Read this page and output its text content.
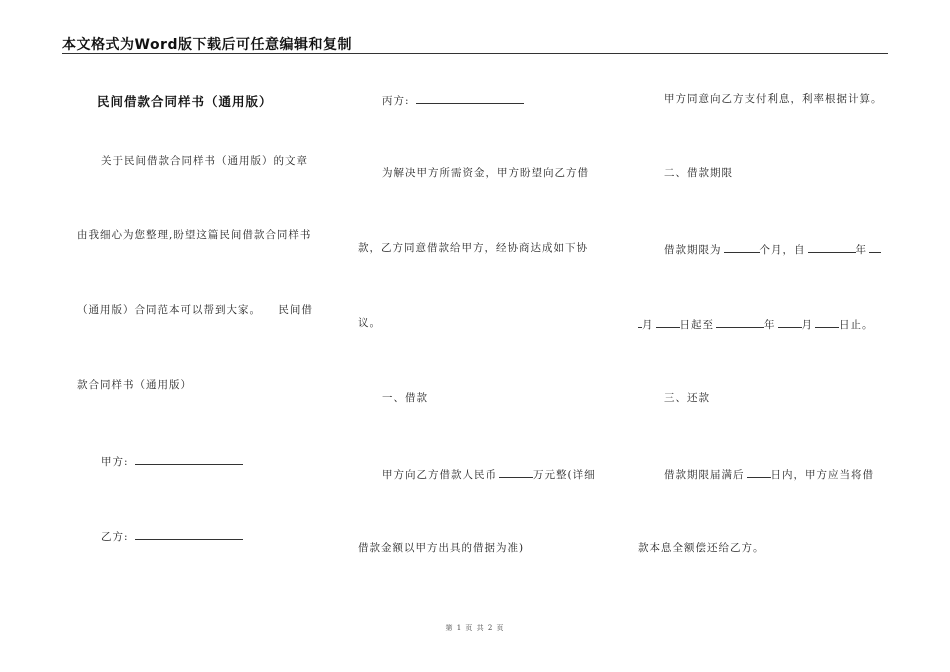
本文格式为Word版下载后可任意编辑和复制
民间借款合同样书（通用版）
关于民间借款合同样书（通用版）的文章
由我细心为您整理,盼望这篇民间借款合同样书
（通用版）合同范本可以帮到大家。    民间借
款合同样书（通用版）
甲方:
乙方:
丙方:
为解决甲方所需资金，甲方盼望向乙方借
款，乙方同意借款给甲方，经协商达成如下协
议。
一、借款
甲方向乙方借款人民币	万元整(详细
借款金额以甲方出具的借据为准)
甲方同意向乙方支付利息，利率根据计算。
二、借款期限
借款期限为	个月，自	年
月 日起至	年 月 日止。
三、还款
借款期限届满后 日内，甲方应当将借
款本息全额偿还给乙方。
第 1 页 共 2 页
